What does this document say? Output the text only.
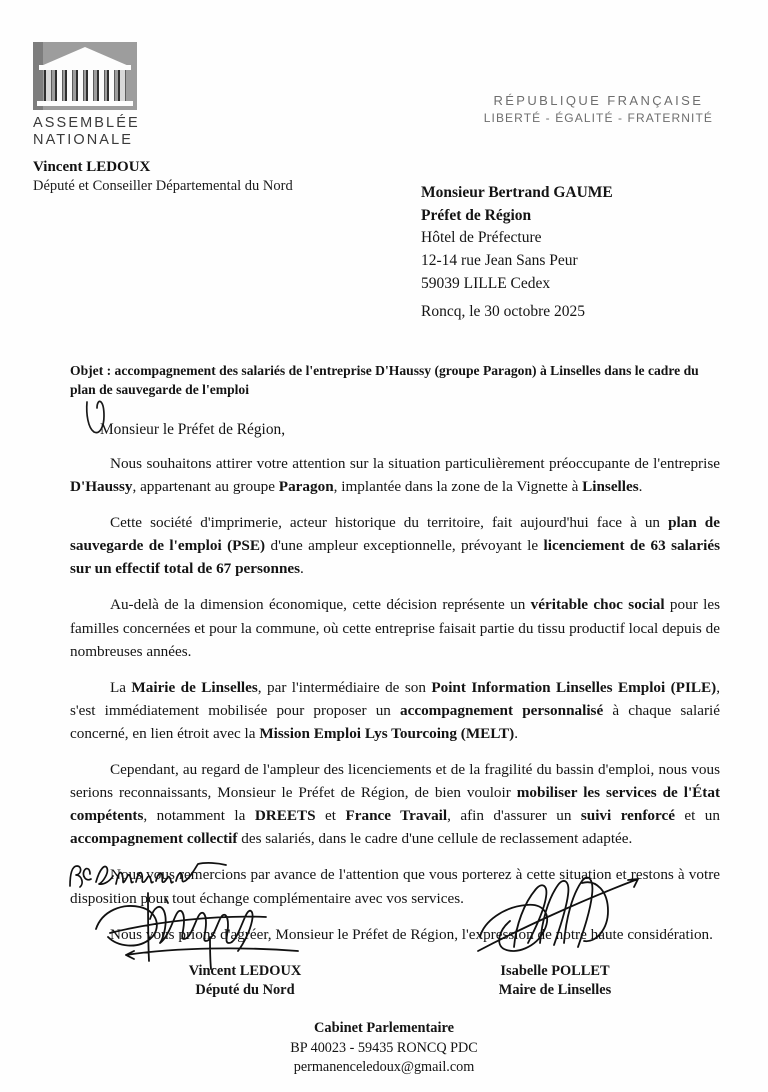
ASSEMBLÉE
NATIONALE
Vincent LEDOUX
Député et Conseiller Départemental du Nord
RÉPUBLIQUE FRANÇAISE
LIBERTÉ - ÉGALITÉ - FRATERNITÉ
Monsieur Bertrand GAUME
Préfet de Région
Hôtel de Préfecture
12-14 rue Jean Sans Peur
59039 LILLE Cedex
Roncq, le 30 octobre 2025
Objet : accompagnement des salariés de l'entreprise D'Haussy (groupe Paragon) à Linselles dans le cadre du plan de sauvegarde de l'emploi
Monsieur le Préfet de Région,

Nous souhaitons attirer votre attention sur la situation particulièrement préoccupante de l'entreprise D'Haussy, appartenant au groupe Paragon, implantée dans la zone de la Vignette à Linselles.

Cette société d'imprimerie, acteur historique du territoire, fait aujourd'hui face à un plan de sauvegarde de l'emploi (PSE) d'une ampleur exceptionnelle, prévoyant le licenciement de 63 salariés sur un effectif total de 67 personnes.

Au-delà de la dimension économique, cette décision représente un véritable choc social pour les familles concernées et pour la commune, où cette entreprise faisait partie du tissu productif local depuis de nombreuses années.

La Mairie de Linselles, par l'intermédiaire de son Point Information Linselles Emploi (PILE), s'est immédiatement mobilisée pour proposer un accompagnement personnalisé à chaque salarié concerné, en lien étroit avec la Mission Emploi Lys Tourcoing (MELT).

Cependant, au regard de l'ampleur des licenciements et de la fragilité du bassin d'emploi, nous vous serions reconnaissants, Monsieur le Préfet de Région, de bien vouloir mobiliser les services de l'État compétents, notamment la DREETS et France Travail, afin d'assurer un suivi renforcé et un accompagnement collectif des salariés, dans le cadre d'une cellule de reclassement adaptée.

Nous vous remercions par avance de l'attention que vous porterez à cette situation et restons à votre disposition pour tout échange complémentaire avec vos services.

Nous vous prions d'agréer, Monsieur le Préfet de Région, l'expression de notre haute considération.

Vincent LEDOUX
Député du Nord
Isabelle POLLET
Maire de Linselles
Cabinet Parlementaire
BP 40023 - 59435 RONCQ PDC
permanenceledoux@gmail.com
